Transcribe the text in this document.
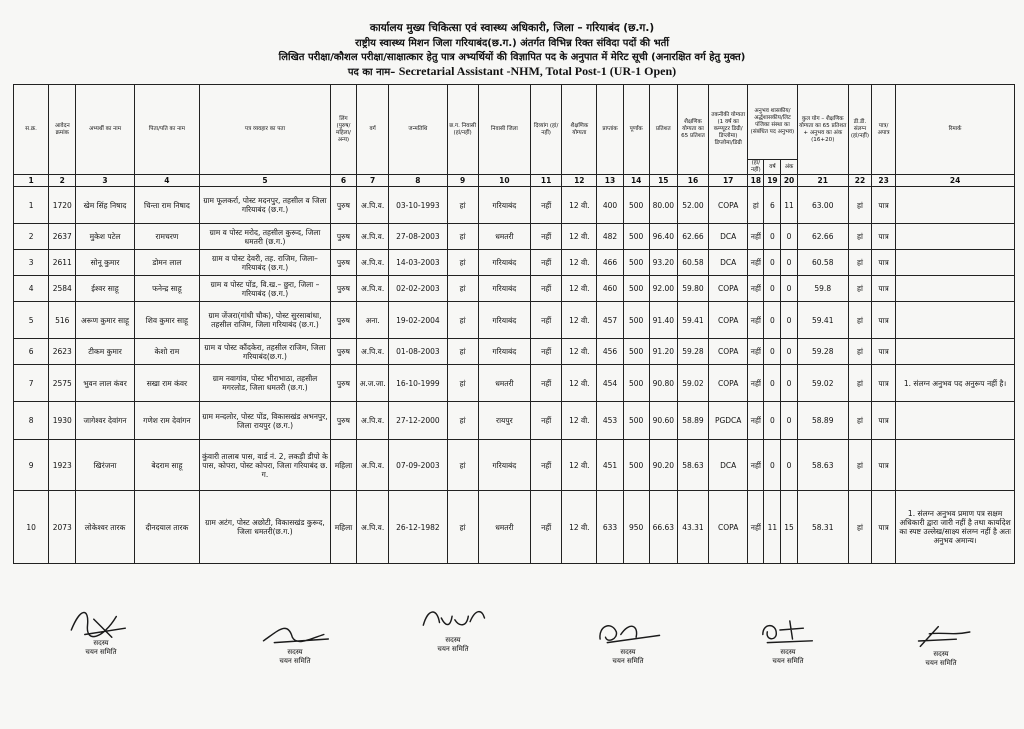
कार्यालय मुख्य चिकित्सा एवं स्वास्थ्य अधिकारी, जिला – गरियाबंद (छ.ग.)
राष्ट्रीय स्वास्थ्य मिशन जिला गरियाबंद(छ.ग.) अंतर्गत विभिन्न रिक्त संविदा पदों की भर्ती
लिखित परीक्षा/कौशल परीक्षा/साक्षात्कार हेतु पात्र अभ्यर्थियों की विज्ञापित पद के अनुपात में मेरिट सूची (अनारक्षित वर्ग हेतु मुक्त)
पद का नाम– Secretarial Assistant -NHM, Total Post-1 (UR-1 Open)
स.क्र.	आवेदन क्रमांक	अभ्यर्थी का नाम	पिता/पति का नाम	पत्र व्यवहार का पता	लिंग (पुरुष/महिला/अन्य)	वर्ग	जन्मतिथि	छ.ग. निवासी (हां/नहीं)	निवासी जिला	दिव्यांग (हां/नहीं)	शैक्षणिक योग्यता	प्राप्तांक	पूर्णांक	प्रतिशत	शैक्षणिक योग्यता का 65 प्रतिशत	तकनीकी योग्यता (1 वर्ष का कम्प्यूटर डिग्री/डिप्लोमा) डिप्लोमा/डिग्री	अनुभव शासकीय/अर्द्धशासकीय/लिट पंजिका संस्था का (संबंधित पद अनुभव)			कुल योग – शैक्षणिक योग्यता का 65 प्रतिशत + अनुभव का अंक (16+20)	डी.डी. संलग्न (हां/नहीं)	पात्र/अपात्र	रिमार्क
																	(हां/नहीं)	वर्ष	अंक				
1	2	3	4	5	6	7	8	9	10	11	12	13	14	15	16	17	18	19	20	21	22	23	24
1	1720	खेम सिंह निषाद	चिन्ता राम निषाद	ग्राम फूलकर्रा, पोस्ट मदनपुर, तहसील व जिला गरियाबंद (छ.ग.)	पुरुष	अ.पि.व.	03-10-1993	हां	गरियाबंद	नहीं	12 वी.	400	500	80.00	52.00	COPA	हां	6	11	63.00	हां	पात्र	
2	2637	मुकेश पटेल	रामचरण	ग्राम व पोस्ट मरोद, तहसील कुरूद, जिला धमतरी (छ.ग.)	पुरुष	अ.पि.व.	27-08-2003	हां	धमतरी	नहीं	12 वी.	482	500	96.40	62.66	DCA	नहीं	0	0	62.66	हां	पात्र	
3	2611	सोनू कुमार	डोमन लाल	ग्राम व पोस्ट देवरी, तह. राजिम, जिला–गरियाबंद (छ.ग.)	पुरुष	अ.पि.व.	14-03-2003	हां	गरियाबंद	नहीं	12 वी.	466	500	93.20	60.58	DCA	नहीं	0	0	60.58	हां	पात्र	
4	2584	ईश्वर साहू	फनेन्द्र साहू	ग्राम व पोस्ट पोंड, वि.ख.– छुरा, जिला – गरियाबंद (छ.ग.)	पुरुष	अ.पि.व.	02-02-2003	हां	गरियाबंद	नहीं	12 वी.	460	500	92.00	59.80	COPA	नहीं	0	0	59.8	हां	पात्र	
5	516	अरूण कुमार साहू	शिव कुमार साहू	ग्राम जेंजरा(गांधी चौक), पोस्ट सुरसाबांधा, तहसील राजिम, जिला गरियाबंद (छ.ग.)	पुरुष	अना.	19-02-2004	हां	गरियाबंद	नहीं	12 वी.	457	500	91.40	59.41	COPA	नहीं	0	0	59.41	हां	पात्र	
6	2623	टीकम कुमार	केशो राम	ग्राम व पोस्ट कौंदकेरा, तहसील राजिम, जिला गरियाबंद(छ.ग.)	पुरुष	अ.पि.व.	01-08-2003	हां	गरियाबंद	नहीं	12 वी.	456	500	91.20	59.28	COPA	नहीं	0	0	59.28	हां	पात्र	
7	2575	भुवन लाल कंवर	सखा राम कंवर	ग्राम नवागांव, पोस्ट भीराभाठा, तहसील मगरलोड, जिला धमतरी (छ.ग.)	पुरुष	अ.ज.जा.	16-10-1999	हां	धमतरी	नहीं	12 वी.	454	500	90.80	59.02	COPA	नहीं	0	0	59.02	हां	पात्र	1. संलग्न अनुभव पद अनुरूप नहीं है।
8	1930	जागेश्वर देवांगन	गणेश राम देवांगन	ग्राम मन्दलोर, पोस्ट पोंड, विकासखंड अभनपुर, जिला रायपुर (छ.ग.)	पुरुष	अ.पि.व.	27-12-2000	हां	रायपुर	नहीं	12 वी.	453	500	90.60	58.89	PGDCA	नहीं	0	0	58.89	हां	पात्र	
9	1923	खिरंजना	बेदराम साहू	कुंवारी तालाब पास, वार्ड नं. 2, लकड़ी डीपो के पास, कोपरा, पोस्ट कोपरा, जिला गरियाबंद छ. ग.	महिला	अ.पि.व.	07-09-2003	हां	गरियाबंद	नहीं	12 वी.	451	500	90.20	58.63	DCA	नहीं	0	0	58.63	हां	पात्र	
10	2073	लोकेश्वर तारक	दीनदयाल तारक	ग्राम अटंग, पोस्ट अछोटी, विकासखंड कुरूद, जिला धमतरी(छ.ग.)	महिला	अ.पि.व.	26-12-1982	हां	धमतरी	नहीं	12 वी.	633	950	66.63	43.31	COPA	नहीं	11	15	58.31	हां	पात्र	1. संलग्न अनुभव प्रमाण पत्र सक्षम अधिकारी द्वारा जारी नहीं है तथा कार्यादेश का स्पष्ट उल्लेख/साक्ष्य संलग्न नहीं है अतः अनुभव अमान्य।
सदस्य
चयन समिति	सदस्य
चयन समिति
सदस्य
चयन समिति	सदस्य
चयन समिति
सदस्य
चयन समिति
सदस्य
चयन समिति
